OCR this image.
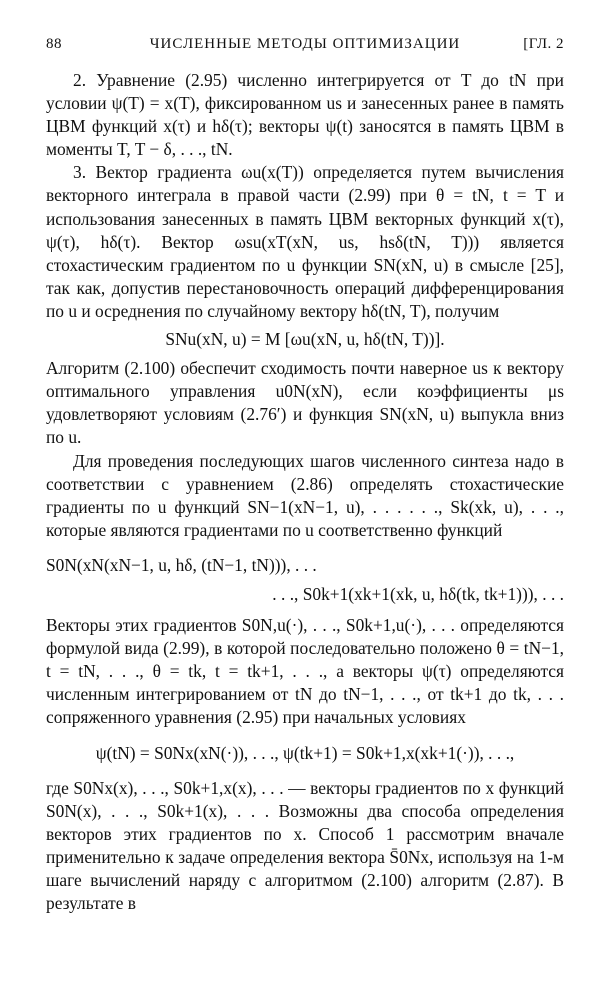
88	ЧИСЛЕННЫЕ МЕТОДЫ ОПТИМИЗАЦИИ	[ГЛ. 2

2. Уравнение (2.95) численно интегрируется от T до tN при условии ψ(T) = x(T), фиксированном us и занесенных ранее в память ЦВМ функций x(τ) и hδ(τ); векторы ψ(t) заносятся в память ЦВМ в моменты T, T − δ, . . ., tN.

3. Вектор градиента ωu(x(T)) определяется путем вычисления векторного интеграла в правой части (2.99) при θ = tN, t = T и использования занесенных в память ЦВМ векторных функций x(τ), ψ(τ), hδ(τ). Вектор ωsu(xT(xN, us, hsδ(tN, T))) является стохастическим градиентом по u функции SN(xN, u) в смысле [25], так как, допустив перестановочность операций дифференцирования по u и осреднения по случайному вектору hδ(tN, T), получим

SNu(xN, u) = M [ωu(xN, u, hδ(tN, T))].

Алгоритм (2.100) обеспечит сходимость почти наверное us к вектору оптимального управления u0N(xN), если коэффициенты μs удовлетворяют условиям (2.76′) и функция SN(xN, u) выпукла вниз по u.

Для проведения последующих шагов численного синтеза надо в соответствии с уравнением (2.86) определять стохастические градиенты по u функций SN−1(xN−1, u), . . . . . ., Sk(xk, u), . . ., которые являются градиентами по u соответственно функций

S0N(xN(xN−1, u, hδ, (tN−1, tN))), . . .
. . ., S0k+1(xk+1(xk, u, hδ(tk, tk+1))), . . .

Векторы этих градиентов S0N,u(·), . . ., S0k+1,u(·), . . . определяются формулой вида (2.99), в которой последовательно положено θ = tN−1, t = tN, . . ., θ = tk, t = tk+1, . . ., а векторы ψ(τ) определяются численным интегрированием от tN до tN−1, . . ., от tk+1 до tk, . . . сопряженного уравнения (2.95) при начальных условиях

ψ(tN) = S0Nx(xN(·)), . . ., ψ(tk+1) = S0k+1,x(xk+1(·)), . . .,

где S0Nx(x), . . ., S0k+1,x(x), . . . — векторы градиентов по x функций S0N(x), . . ., S0k+1(x), . . . Возможны два способа определения векторов этих градиентов по x. Способ 1 рассмотрим вначале применительно к задаче определения вектора S̄0Nx, используя на 1-м шаге вычислений наряду с алгоритмом (2.100) алгоритм (2.87). В результате в
